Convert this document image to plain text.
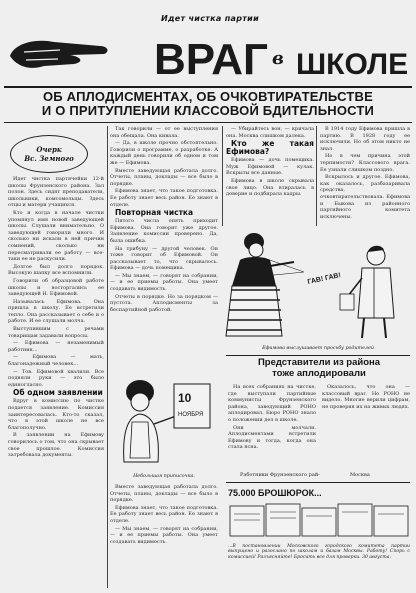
Идет чистка партии
ВРАГ в ШКОЛЕ
ОБ АПЛОДИСМЕНТАХ, ОБ ОЧКОВТИРАТЕЛЬСТВЕ
И О ПРИТУПЛЕНИИ КЛАССОВОЙ БДИТЕЛЬНОСТИ
Очерк
Вс. Земного

Идет чистка партячейки 12-й школы Фрунзенского района. Зал полон. Здесь сидят преподаватели, школьники, комсомольцы. Здесь отцы и матери учащихся.

Кто и когда в начале чистки упомянул имя новой заведующей школы. Слушали внимательно. О заведующей говорили много. И сколько ни искали в ней причин сомнений, сколько ни пересматривали ее работу — все-таки ее не раскусили.

Долгое был долго порядок. Высокую шапку все вспомнили.

Говорили об образцовой работе школы и восторгались ее заведующей Н. Ефимовой.

Называлась Ефимова. Она пришла в школу. Ее встретили тепло. Она рассказывает о себе и о работе. И ее слушали молча.

Выступившим с речами товарищам задавали вопросы.

— Ефимова — незаменимый работник...

— Ефимова — мать, благонадежный человек...

— Тов. Ефимовой хвалили. Все подняли руки — это было единогласно.

Об одном заявлении

Вдруг в комиссию по чистке подается заявление. Комиссия заинтересовалась. Кто-то сказал, что в этой школе не все благополучно.

В заявлении на Ефимову говорилось о том, что она скрывает свое прошлое. Комиссия затребовала документы.

Так говорили — от ее выступления она обещала. Она кивала.

— Да, в школе прочно обстоятельно. Говорили о программе, о разработке. А каждый день говорили об одном и том же — Ефимова.

Вместе заведующая работала долго. Отчеты, планы, доклады — все было в порядке.

Ефимова знает, что такое подготовка. Ее работу знает весь район. Ее знают в отделе.

Повторная чистка

Пятого числа опять приходит Ефимова. Она говорит уже другое. Заявление комиссии проверено. Да, была ошибка.

На трибуну — другой человек. Он тоже говорит об Ефимовой. Он рассказывает то, что скрывалось. Ефимова — дочь помещика.

— Мы знаем, — говорят на собрании, — и ее приемы работы. Она умеет создавать видимость.

Отчеты в порядке. Но за порядком — пустота. Аплодисменты за беспартийной работой.

10
НОЯБРЯ
Небольшая приписочка.

Вместе заведующая работала долго. Отчеты, планы, доклады — все было в порядке.

Ефимова знает, что такое подготовка. Ее работу знает весь район. Ее знают в отделе.

— Мы знаем, — говорят на собрании, — и ее приемы работы. Она умеет создавать видимость.

— Убирайтесь вон, — кричала она. Москва слишком далека.

Кто же такая Ефимова?

Ефимова — дочь помещика. Муж Ефимовой — кулак. Вскрыты все данные.

Ефимова в школе скрывала свое лицо. Она втиралась в доверие и подбирала кадры.

В 1914 году Ефимова пришла в партию. В 1928 году ее исключили. Но об этом никто не знал.

Но в чем причина этой терпимости? Классового врага. Ее узнали слишком поздно.

Вскрылось и другое. Ефимова, как оказалось, разбазаривала средства, очковтирательствовала. Ефимова и Быкова из районного партийного комитета исключены.

ГАВ! ГАВ!
Ефимова выслушивает просьбу родителей
Представители из района
тоже аплодировали

На всех собраниях на чистке, где выступали партийные коммунисты Фрунзенского района, заведующий РОНО аплодировал. Бюро РОНО знало о положении дел в школе.

Они молчали. Аплодисментами встретили Ефимову и тогда, когда она стала ясна.

Оказалось, что она — классовый враг. Но РОНО не видело. Многие верили цифрам, не проверяя их на живых людях.

Работники Фрунзенского рай-	Москва
75.000 БРОШЮРОК...
...В постановлении Московского городского комитета партии выпущено и разослано по школам и базам Москвы. Работу! Спорь с комиссией! Разъясняйте! Бросить все для проверки. 30 августа.
